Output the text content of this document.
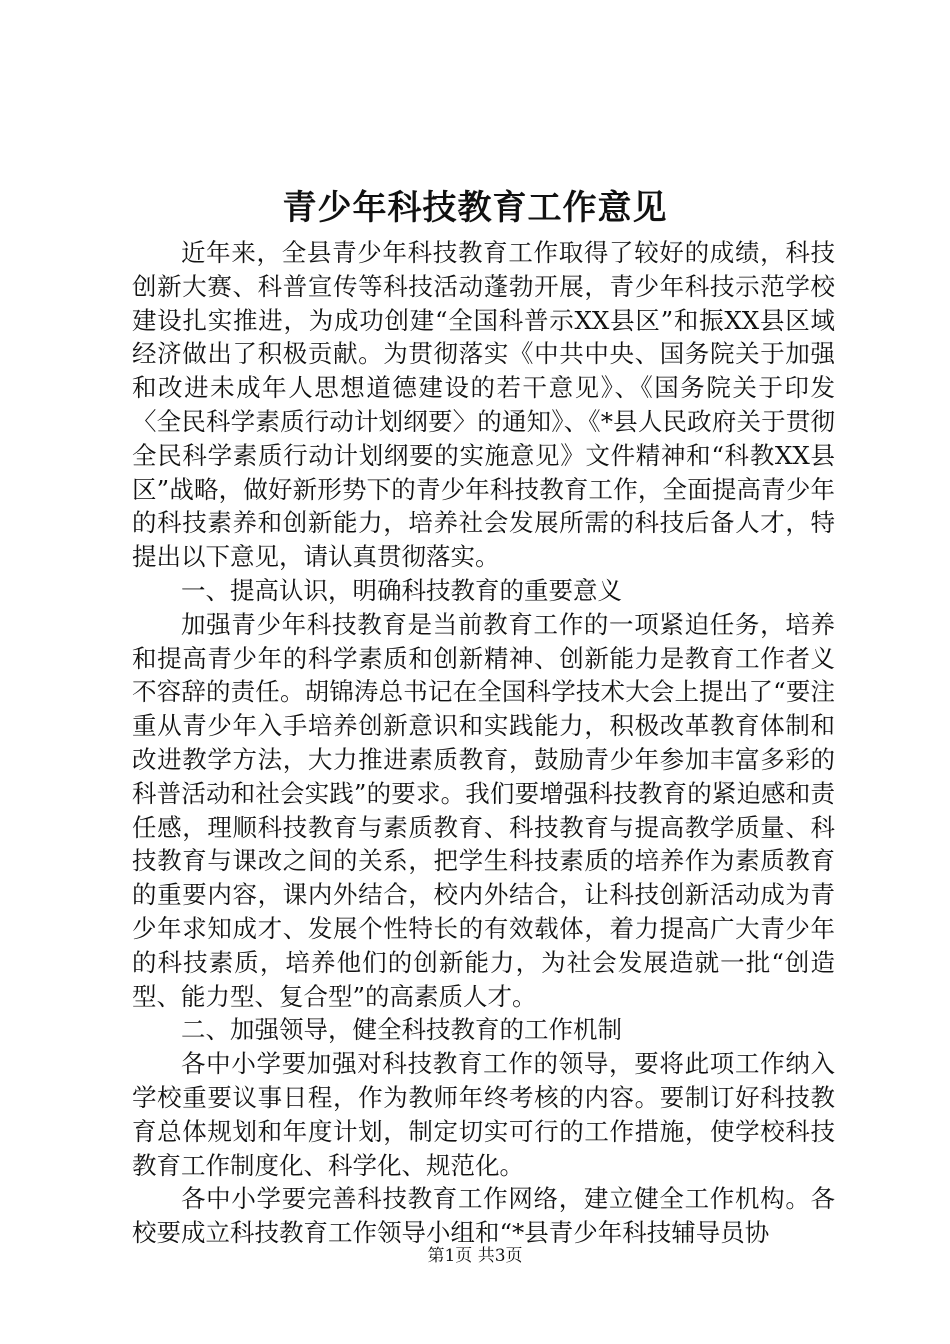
青少年科技教育工作意见

近年来，全县青少年科技教育工作取得了较好的成绩，科技创新大赛、科普宣传等科技活动蓬勃开展，青少年科技示范学校建设扎实推进，为成功创建“全国科普示XX县区”和振XX县区域经济做出了积极贡献。为贯彻落实《中共中央、国务院关于加强和改进未成年人思想道德建设的若干意见》、《国务院关于印发〈全民科学素质行动计划纲要〉的通知》、《*县人民政府关于贯彻全民科学素质行动计划纲要的实施意见》文件精神和“科教XX县区”战略，做好新形势下的青少年科技教育工作，全面提高青少年的科技素养和创新能力，培养社会发展所需的科技后备人才，特提出以下意见，请认真贯彻落实。

一、提高认识，明确科技教育的重要意义

加强青少年科技教育是当前教育工作的一项紧迫任务，培养和提高青少年的科学素质和创新精神、创新能力是教育工作者义不容辞的责任。胡锦涛总书记在全国科学技术大会上提出了“要注重从青少年入手培养创新意识和实践能力，积极改革教育体制和改进教学方法，大力推进素质教育，鼓励青少年参加丰富多彩的科普活动和社会实践”的要求。我们要增强科技教育的紧迫感和责任感，理顺科技教育与素质教育、科技教育与提高教学质量、科技教育与课改之间的关系，把学生科技素质的培养作为素质教育的重要内容，课内外结合，校内外结合，让科技创新活动成为青少年求知成才、发展个性特长的有效载体，着力提高广大青少年的科技素质，培养他们的创新能力，为社会发展造就一批“创造型、能力型、复合型”的高素质人才。

二、加强领导，健全科技教育的工作机制

各中小学要加强对科技教育工作的领导，要将此项工作纳入学校重要议事日程，作为教师年终考核的内容。要制订好科技教育总体规划和年度计划，制定切实可行的工作措施，使学校科技教育工作制度化、科学化、规范化。

各中小学要完善科技教育工作网络，建立健全工作机构。各校要成立科技教育工作领导小组和“*县青少年科技辅导员协

第1页 共3页
